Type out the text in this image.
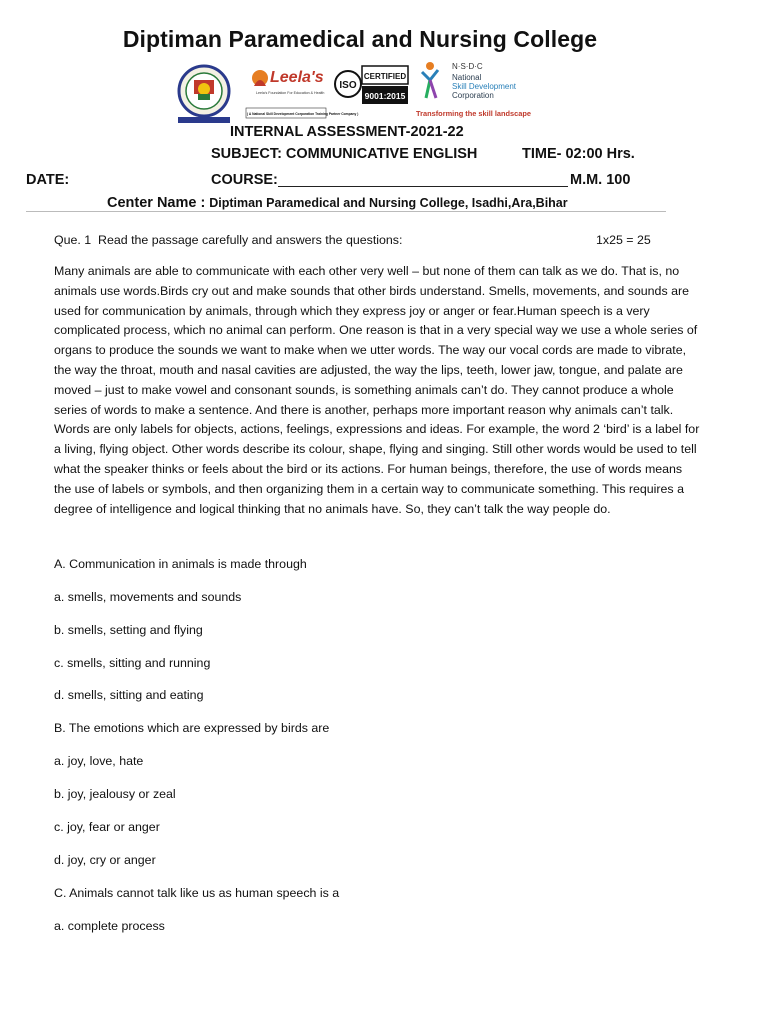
Diptiman Paramedical and Nursing College
Leela's
Leela's Foundation For Education & Health
( A National Skill Development Corporation Training Partner Company )
ISO
CERTIFIED
9001:2015
N·S·D·C
National
Skill Development
Corporation
Transforming the skill landscape
INTERNAL ASSESSMENT-2021-22
SUBJECT: COMMUNICATIVE ENGLISH	TIME- 02:00 Hrs.
DATE:	COURSE:	M.M. 100
Center Name : Diptiman Paramedical and Nursing College, Isadhi,Ara,Bihar
Que. 1 Read the passage carefully and answers the questions:	1x25 = 25
Many animals are able to communicate with each other very well – but none of them can talk as we do. That is, no animals use words.Birds cry out and make sounds that other birds understand. Smells, movements, and sounds are used for communication by animals, through which they express joy or anger or fear.Human speech is a very complicated process, which no animal can perform. One reason is that in a very special way we use a whole series of organs to produce the sounds we want to make when we utter words. The way our vocal cords are made to vibrate, the way the throat, mouth and nasal cavities are adjusted, the way the lips, teeth, lower jaw, tongue, and palate are moved – just to make vowel and consonant sounds, is something animals can’t do. They cannot produce a whole series of words to make a sentence. And there is another, perhaps more important reason why animals can’t talk. Words are only labels for objects, actions, feelings, expressions and ideas. For example, the word 2 ‘bird’ is a label for a living, flying object. Other words describe its colour, shape, flying and singing. Still other words would be used to tell what the speaker thinks or feels about the bird or its actions. For human beings, therefore, the use of words means the use of labels or symbols, and then organizing them in a certain way to communicate something. This requires a degree of intelligence and logical thinking that no animals have. So, they can’t talk the way people do.
A. Communication in animals is made through
a. smells, movements and sounds
b. smells, setting and flying
c. smells, sitting and running
d. smells, sitting and eating
B. The emotions which are expressed by birds are
a. joy, love, hate
b. joy, jealousy or zeal
c. joy, fear or anger
d. joy, cry or anger
C. Animals cannot talk like us as human speech is a
a. complete process
